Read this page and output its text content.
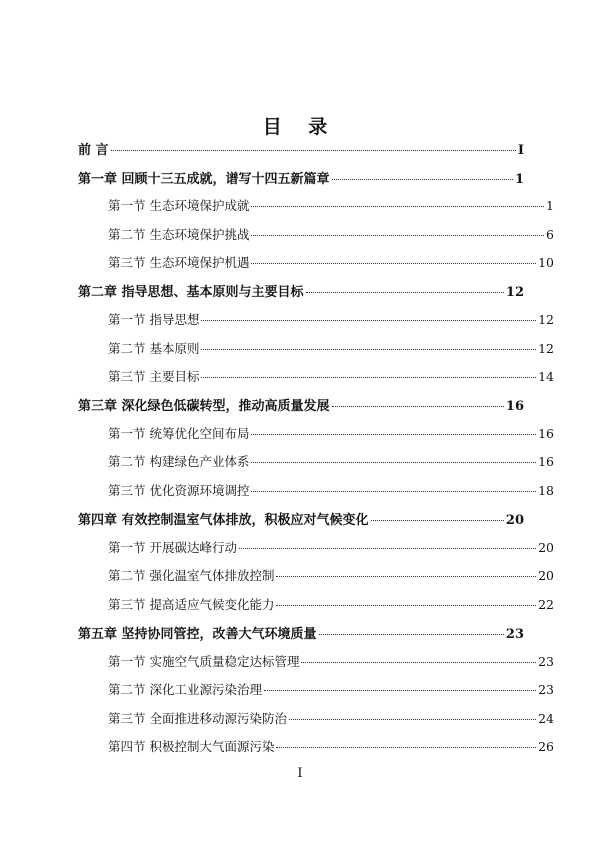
目 录
前 言	I
第一章 回顾十三五成就，谱写十四五新篇章	1
第一节 生态环境保护成就	1
第二节 生态环境保护挑战	6
第三节 生态环境保护机遇	10
第二章 指导思想、基本原则与主要目标	12
第一节 指导思想	12
第二节 基本原则	12
第三节 主要目标	14
第三章 深化绿色低碳转型，推动高质量发展	16
第一节 统筹优化空间布局	16
第二节 构建绿色产业体系	16
第三节 优化资源环境调控	18
第四章 有效控制温室气体排放，积极应对气候变化	20
第一节 开展碳达峰行动	20
第二节 强化温室气体排放控制	20
第三节 提高适应气候变化能力	22
第五章 坚持协同管控，改善大气环境质量	23
第一节 实施空气质量稳定达标管理	23
第二节 深化工业源污染治理	23
第三节 全面推进移动源污染防治	24
第四节 积极控制大气面源污染	26
I
